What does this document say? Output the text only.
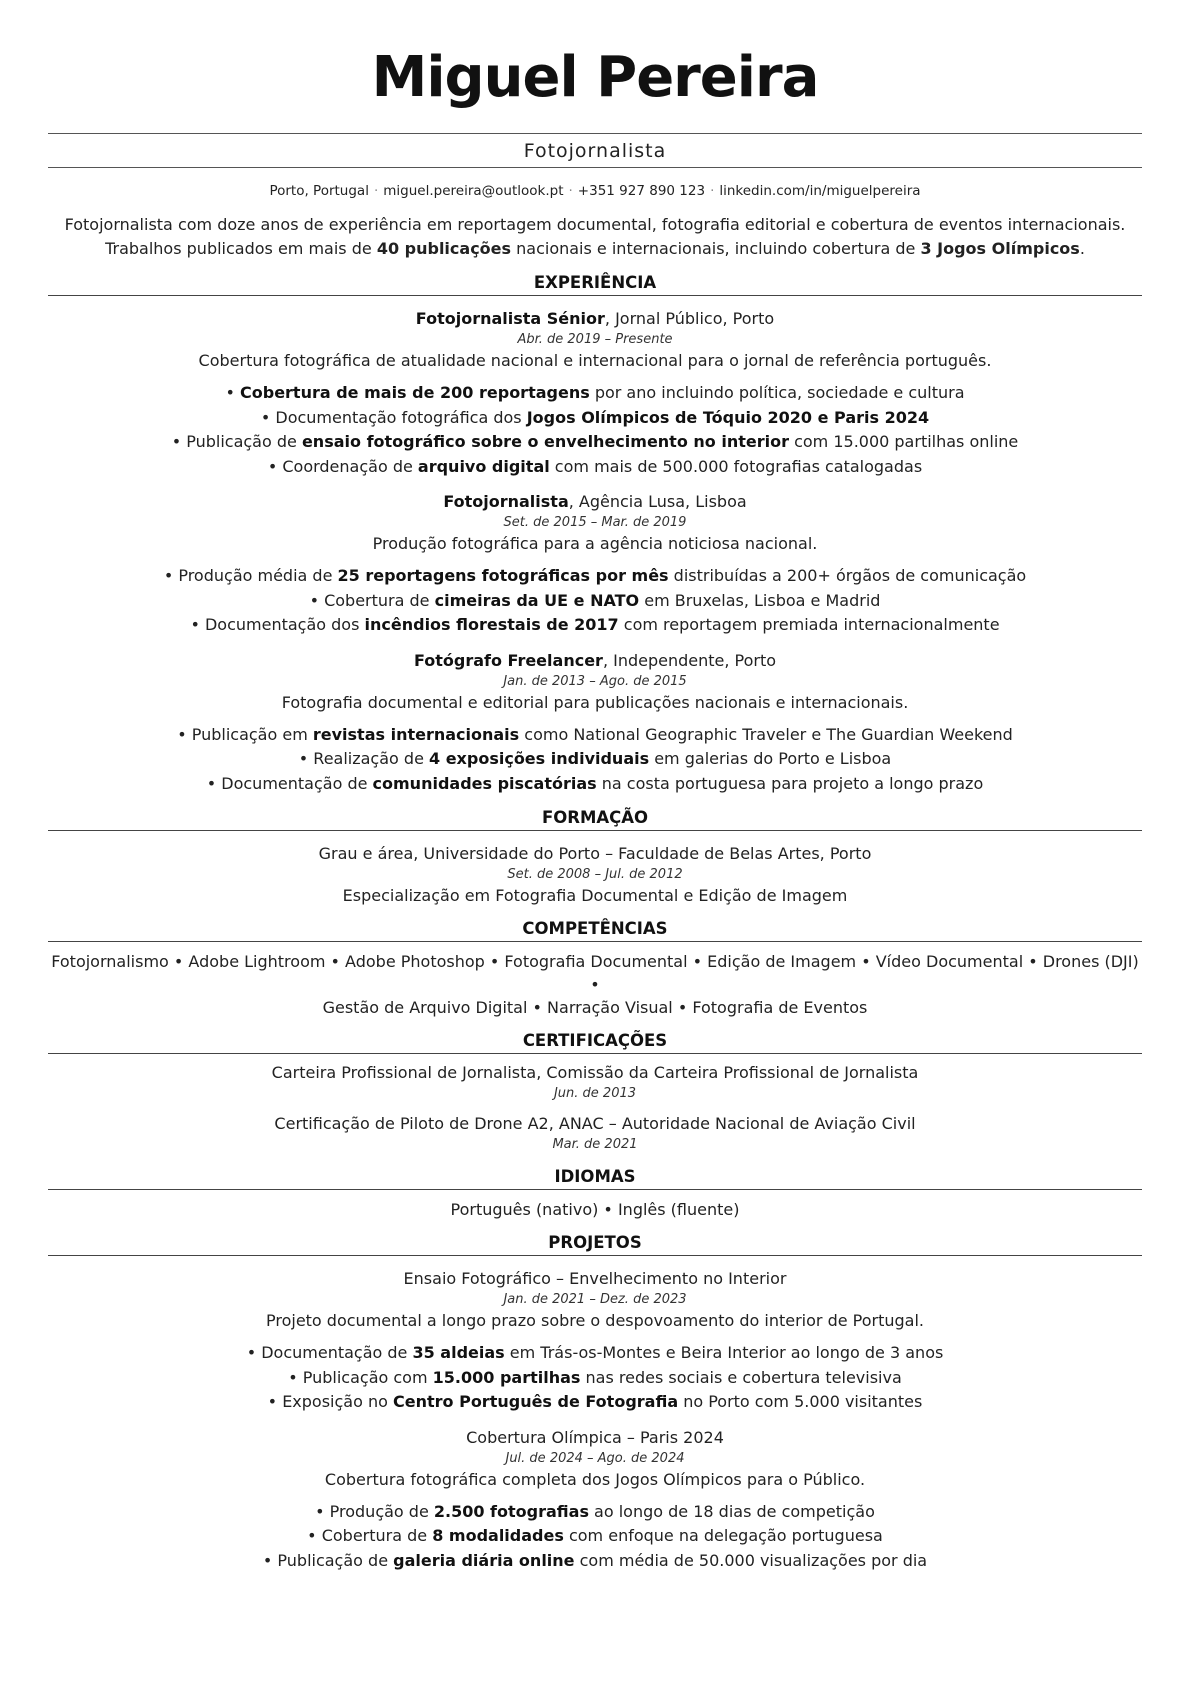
Miguel Pereira
Fotojornalista
Porto, Portugal · miguel.pereira@outlook.pt · +351 927 890 123 · linkedin.com/in/miguelpereira
Fotojornalista com doze anos de experiência em reportagem documental, fotografia editorial e cobertura de eventos internacionais.
Trabalhos publicados em mais de 40 publicações nacionais e internacionais, incluindo cobertura de 3 Jogos Olímpicos.
EXPERIÊNCIA
Fotojornalista Sénior, Jornal Público, Porto
Abr. de 2019 – Presente
Cobertura fotográfica de atualidade nacional e internacional para o jornal de referência português.
• Cobertura de mais de 200 reportagens por ano incluindo política, sociedade e cultura
• Documentação fotográfica dos Jogos Olímpicos de Tóquio 2020 e Paris 2024
• Publicação de ensaio fotográfico sobre o envelhecimento no interior com 15.000 partilhas online
• Coordenação de arquivo digital com mais de 500.000 fotografias catalogadas
Fotojornalista, Agência Lusa, Lisboa
Set. de 2015 – Mar. de 2019
Produção fotográfica para a agência noticiosa nacional.
• Produção média de 25 reportagens fotográficas por mês distribuídas a 200+ órgãos de comunicação
• Cobertura de cimeiras da UE e NATO em Bruxelas, Lisboa e Madrid
• Documentação dos incêndios florestais de 2017 com reportagem premiada internacionalmente
Fotógrafo Freelancer, Independente, Porto
Jan. de 2013 – Ago. de 2015
Fotografia documental e editorial para publicações nacionais e internacionais.
• Publicação em revistas internacionais como National Geographic Traveler e The Guardian Weekend
• Realização de 4 exposições individuais em galerias do Porto e Lisboa
• Documentação de comunidades piscatórias na costa portuguesa para projeto a longo prazo
FORMAÇÃO
Grau e área, Universidade do Porto – Faculdade de Belas Artes, Porto
Set. de 2008 – Jul. de 2012
Especialização em Fotografia Documental e Edição de Imagem
COMPETÊNCIAS
Fotojornalismo • Adobe Lightroom • Adobe Photoshop • Fotografia Documental • Edição de Imagem • Vídeo Documental • Drones (DJI) •
Gestão de Arquivo Digital • Narração Visual • Fotografia de Eventos
CERTIFICAÇÕES
Carteira Profissional de Jornalista, Comissão da Carteira Profissional de Jornalista
Jun. de 2013
Certificação de Piloto de Drone A2, ANAC – Autoridade Nacional de Aviação Civil
Mar. de 2021
IDIOMAS
Português (nativo) • Inglês (fluente)
PROJETOS
Ensaio Fotográfico – Envelhecimento no Interior
Jan. de 2021 – Dez. de 2023
Projeto documental a longo prazo sobre o despovoamento do interior de Portugal.
• Documentação de 35 aldeias em Trás-os-Montes e Beira Interior ao longo de 3 anos
• Publicação com 15.000 partilhas nas redes sociais e cobertura televisiva
• Exposição no Centro Português de Fotografia no Porto com 5.000 visitantes
Cobertura Olímpica – Paris 2024
Jul. de 2024 – Ago. de 2024
Cobertura fotográfica completa dos Jogos Olímpicos para o Público.
• Produção de 2.500 fotografias ao longo de 18 dias de competição
• Cobertura de 8 modalidades com enfoque na delegação portuguesa
• Publicação de galeria diária online com média de 50.000 visualizações por dia
